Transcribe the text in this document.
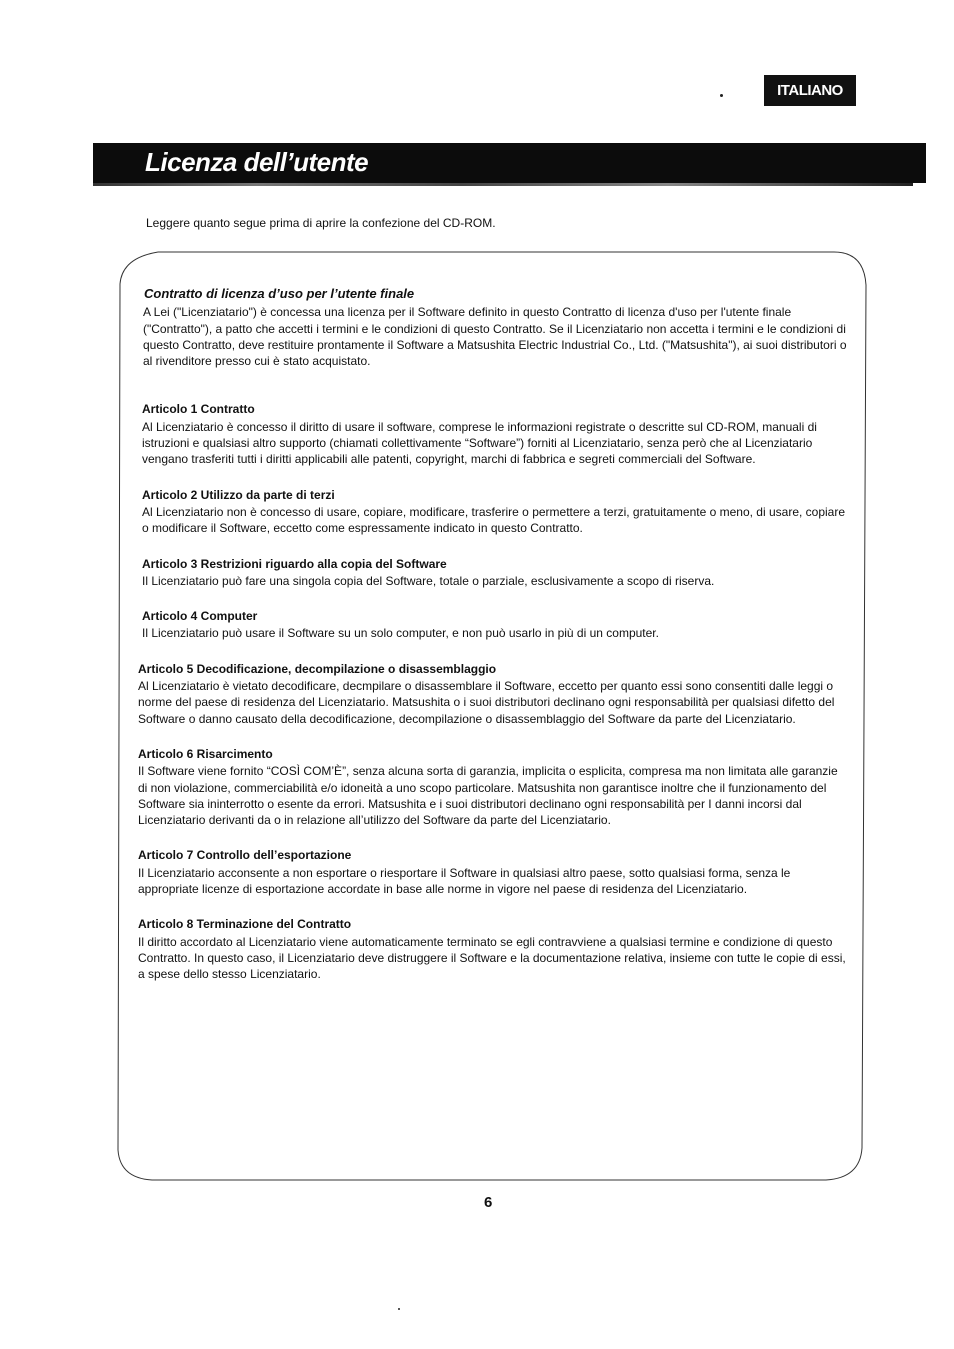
ITALIANO
Licenza dell’utente
Leggere quanto segue prima di aprire la confezione del CD-ROM.
Contratto di licenza d’uso per l’utente finale
A Lei ("Licenziatario") è concessa una licenza per il Software definito in questo Contratto di licenza d'uso per l'utente finale ("Contratto"), a patto che accetti i termini e le condizioni di questo Contratto. Se il Licenziatario non accetta i termini e le condizioni di questo Contratto, deve restituire prontamente il Software a Matsushita Electric Industrial Co., Ltd. ("Matsushita"), ai suoi distributori o al rivenditore presso cui è stato acquistato.
Articolo 1 Contratto
Al Licenziatario è concesso il diritto di usare il software, comprese le informazioni registrate o descritte sul CD-ROM, manuali di istruzioni e qualsiasi altro supporto (chiamati collettivamente “Software”) forniti al Licenziatario, senza però che al Licenziatario vengano trasferiti tutti i diritti applicabili alle patenti, copyright, marchi di fabbrica e segreti commerciali del Software.
Articolo 2 Utilizzo da parte di terzi
Al Licenziatario non è concesso di usare, copiare, modificare, trasferire o permettere a terzi, gratuitamente o meno, di usare, copiare o modificare il Software, eccetto come espressamente indicato in questo Contratto.
Articolo 3 Restrizioni riguardo alla copia del Software
Il Licenziatario può fare una singola copia del Software, totale o parziale, esclusivamente a scopo di riserva.
Articolo 4 Computer
Il Licenziatario può usare il Software su un solo computer, e non può usarlo in più di un computer.
Articolo 5 Decodificazione, decompilazione o disassemblaggio
Al Licenziatario è vietato decodificare, decmpilare o disassemblare il Software, eccetto per quanto essi sono consentiti dalle leggi o norme del paese di residenza del Licenziatario. Matsushita o i suoi distributori declinano ogni responsabilità per qualsiasi difetto del Software o danno causato della decodificazione, decompilazione o disassemblaggio del Software da parte del Licenziatario.
Articolo 6 Risarcimento
Il Software viene fornito “COSÌ COM’È”, senza alcuna sorta di garanzia, implicita o esplicita, compresa ma non limitata alle garanzie di non violazione, commerciabilità e/o idoneità a uno scopo particolare. Matsushita non garantisce inoltre che il funzionamento del Software sia ininterrotto o esente da errori. Matsushita e i suoi distributori declinano ogni responsabilità per I danni incorsi dal Licenziatario derivanti da o in relazione all’utilizzo del Software da parte del Licenziatario.
Articolo 7 Controllo dell’esportazione
Il Licenziatario acconsente a non esportare o riesportare il Software in qualsiasi altro paese, sotto qualsiasi forma, senza le appropriate licenze di esportazione accordate in base alle norme in vigore nel paese di residenza del Licenziatario.
Articolo 8 Terminazione del Contratto
Il diritto accordato al Licenziatario viene automaticamente terminato se egli contravviene a qualsiasi termine e condizione di questo Contratto. In questo caso, il Licenziatario deve distruggere il Software e la documentazione relativa, insieme con tutte le copie di essi, a spese dello stesso Licenziatario.
6
